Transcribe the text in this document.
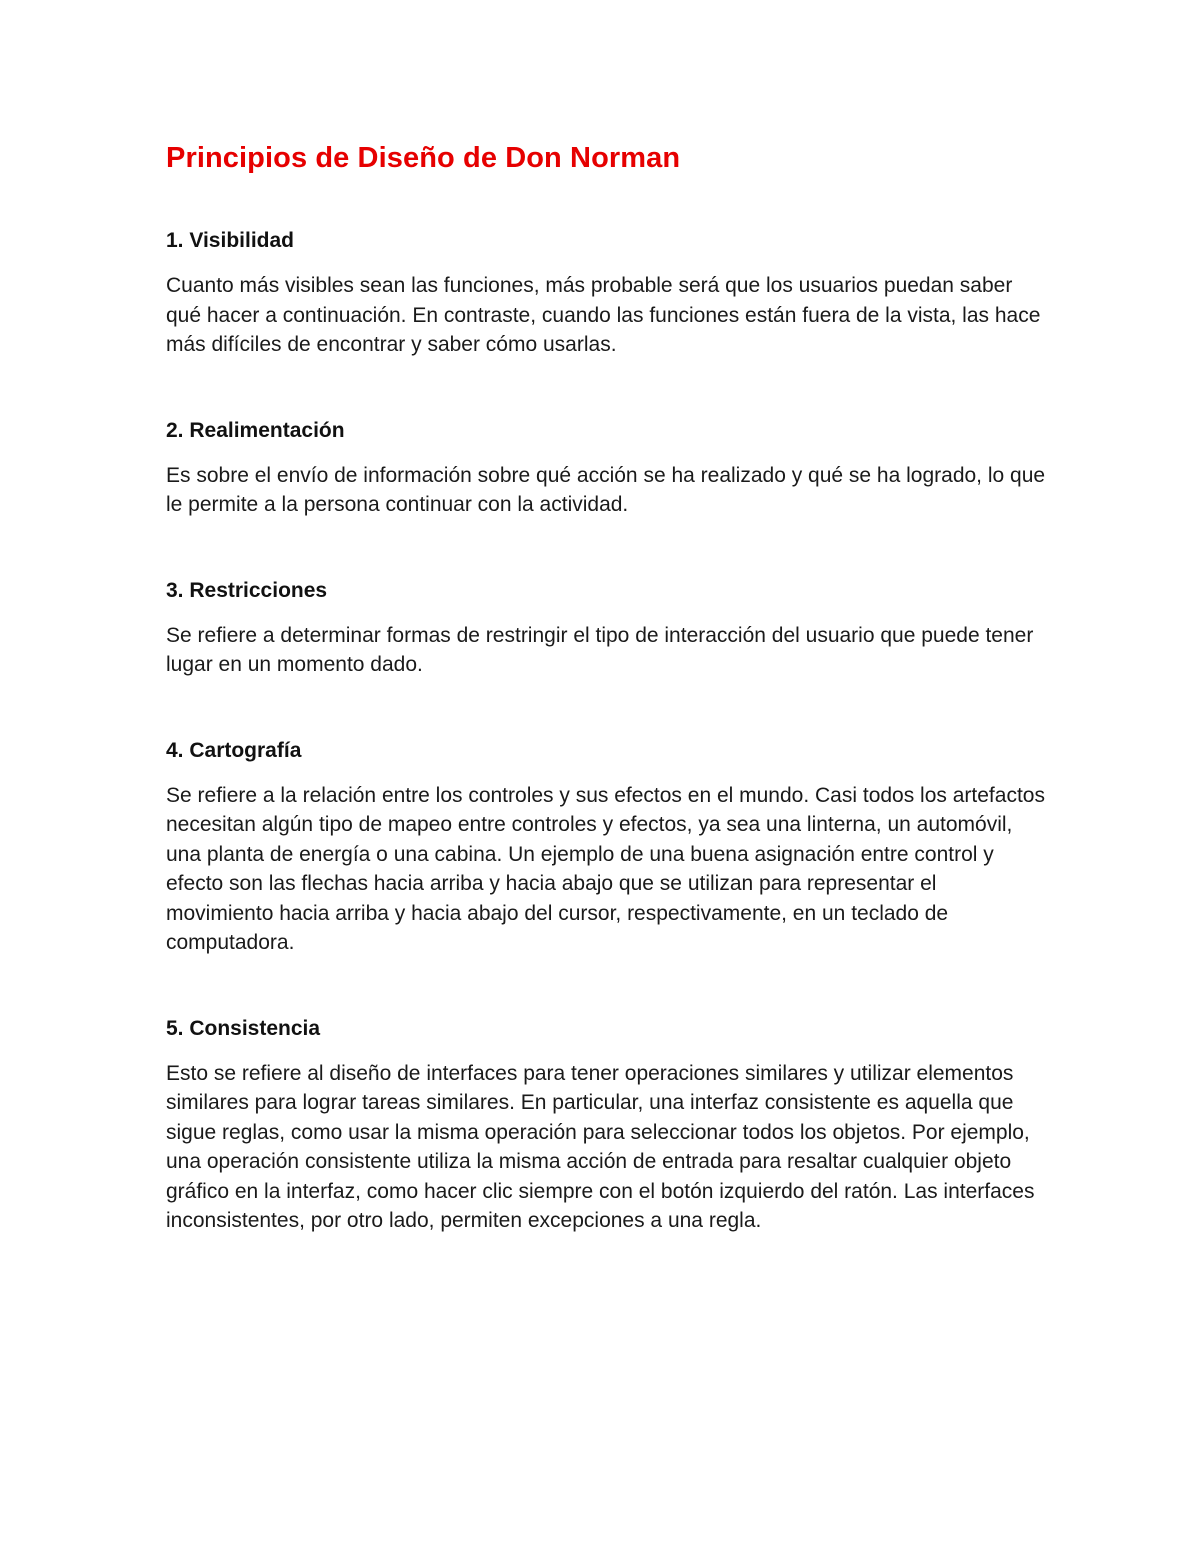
Principios de Diseño de Don Norman
1. Visibilidad

Cuanto más visibles sean las funciones, más probable será que los usuarios puedan saber qué hacer a continuación. En contraste, cuando las funciones están fuera de la vista, las hace más difíciles de encontrar y saber cómo usarlas.

2. Realimentación

Es sobre el envío de información sobre qué acción se ha realizado y qué se ha logrado, lo que le permite a la persona continuar con la actividad.

3. Restricciones

Se refiere a determinar formas de restringir el tipo de interacción del usuario que puede tener lugar en un momento dado.

4. Cartografía

Se refiere a la relación entre los controles y sus efectos en el mundo. Casi todos los artefactos necesitan algún tipo de mapeo entre controles y efectos, ya sea una linterna, un automóvil, una planta de energía o una cabina. Un ejemplo de una buena asignación entre control y efecto son las flechas hacia arriba y hacia abajo que se utilizan para representar el movimiento hacia arriba y hacia abajo del cursor, respectivamente, en un teclado de computadora.

5. Consistencia

Esto se refiere al diseño de interfaces para tener operaciones similares y utilizar elementos similares para lograr tareas similares. En particular, una interfaz consistente es aquella que sigue reglas, como usar la misma operación para seleccionar todos los objetos. Por ejemplo, una operación consistente utiliza la misma acción de entrada para resaltar cualquier objeto gráfico en la interfaz, como hacer clic siempre con el botón izquierdo del ratón. Las interfaces inconsistentes, por otro lado, permiten excepciones a una regla.
